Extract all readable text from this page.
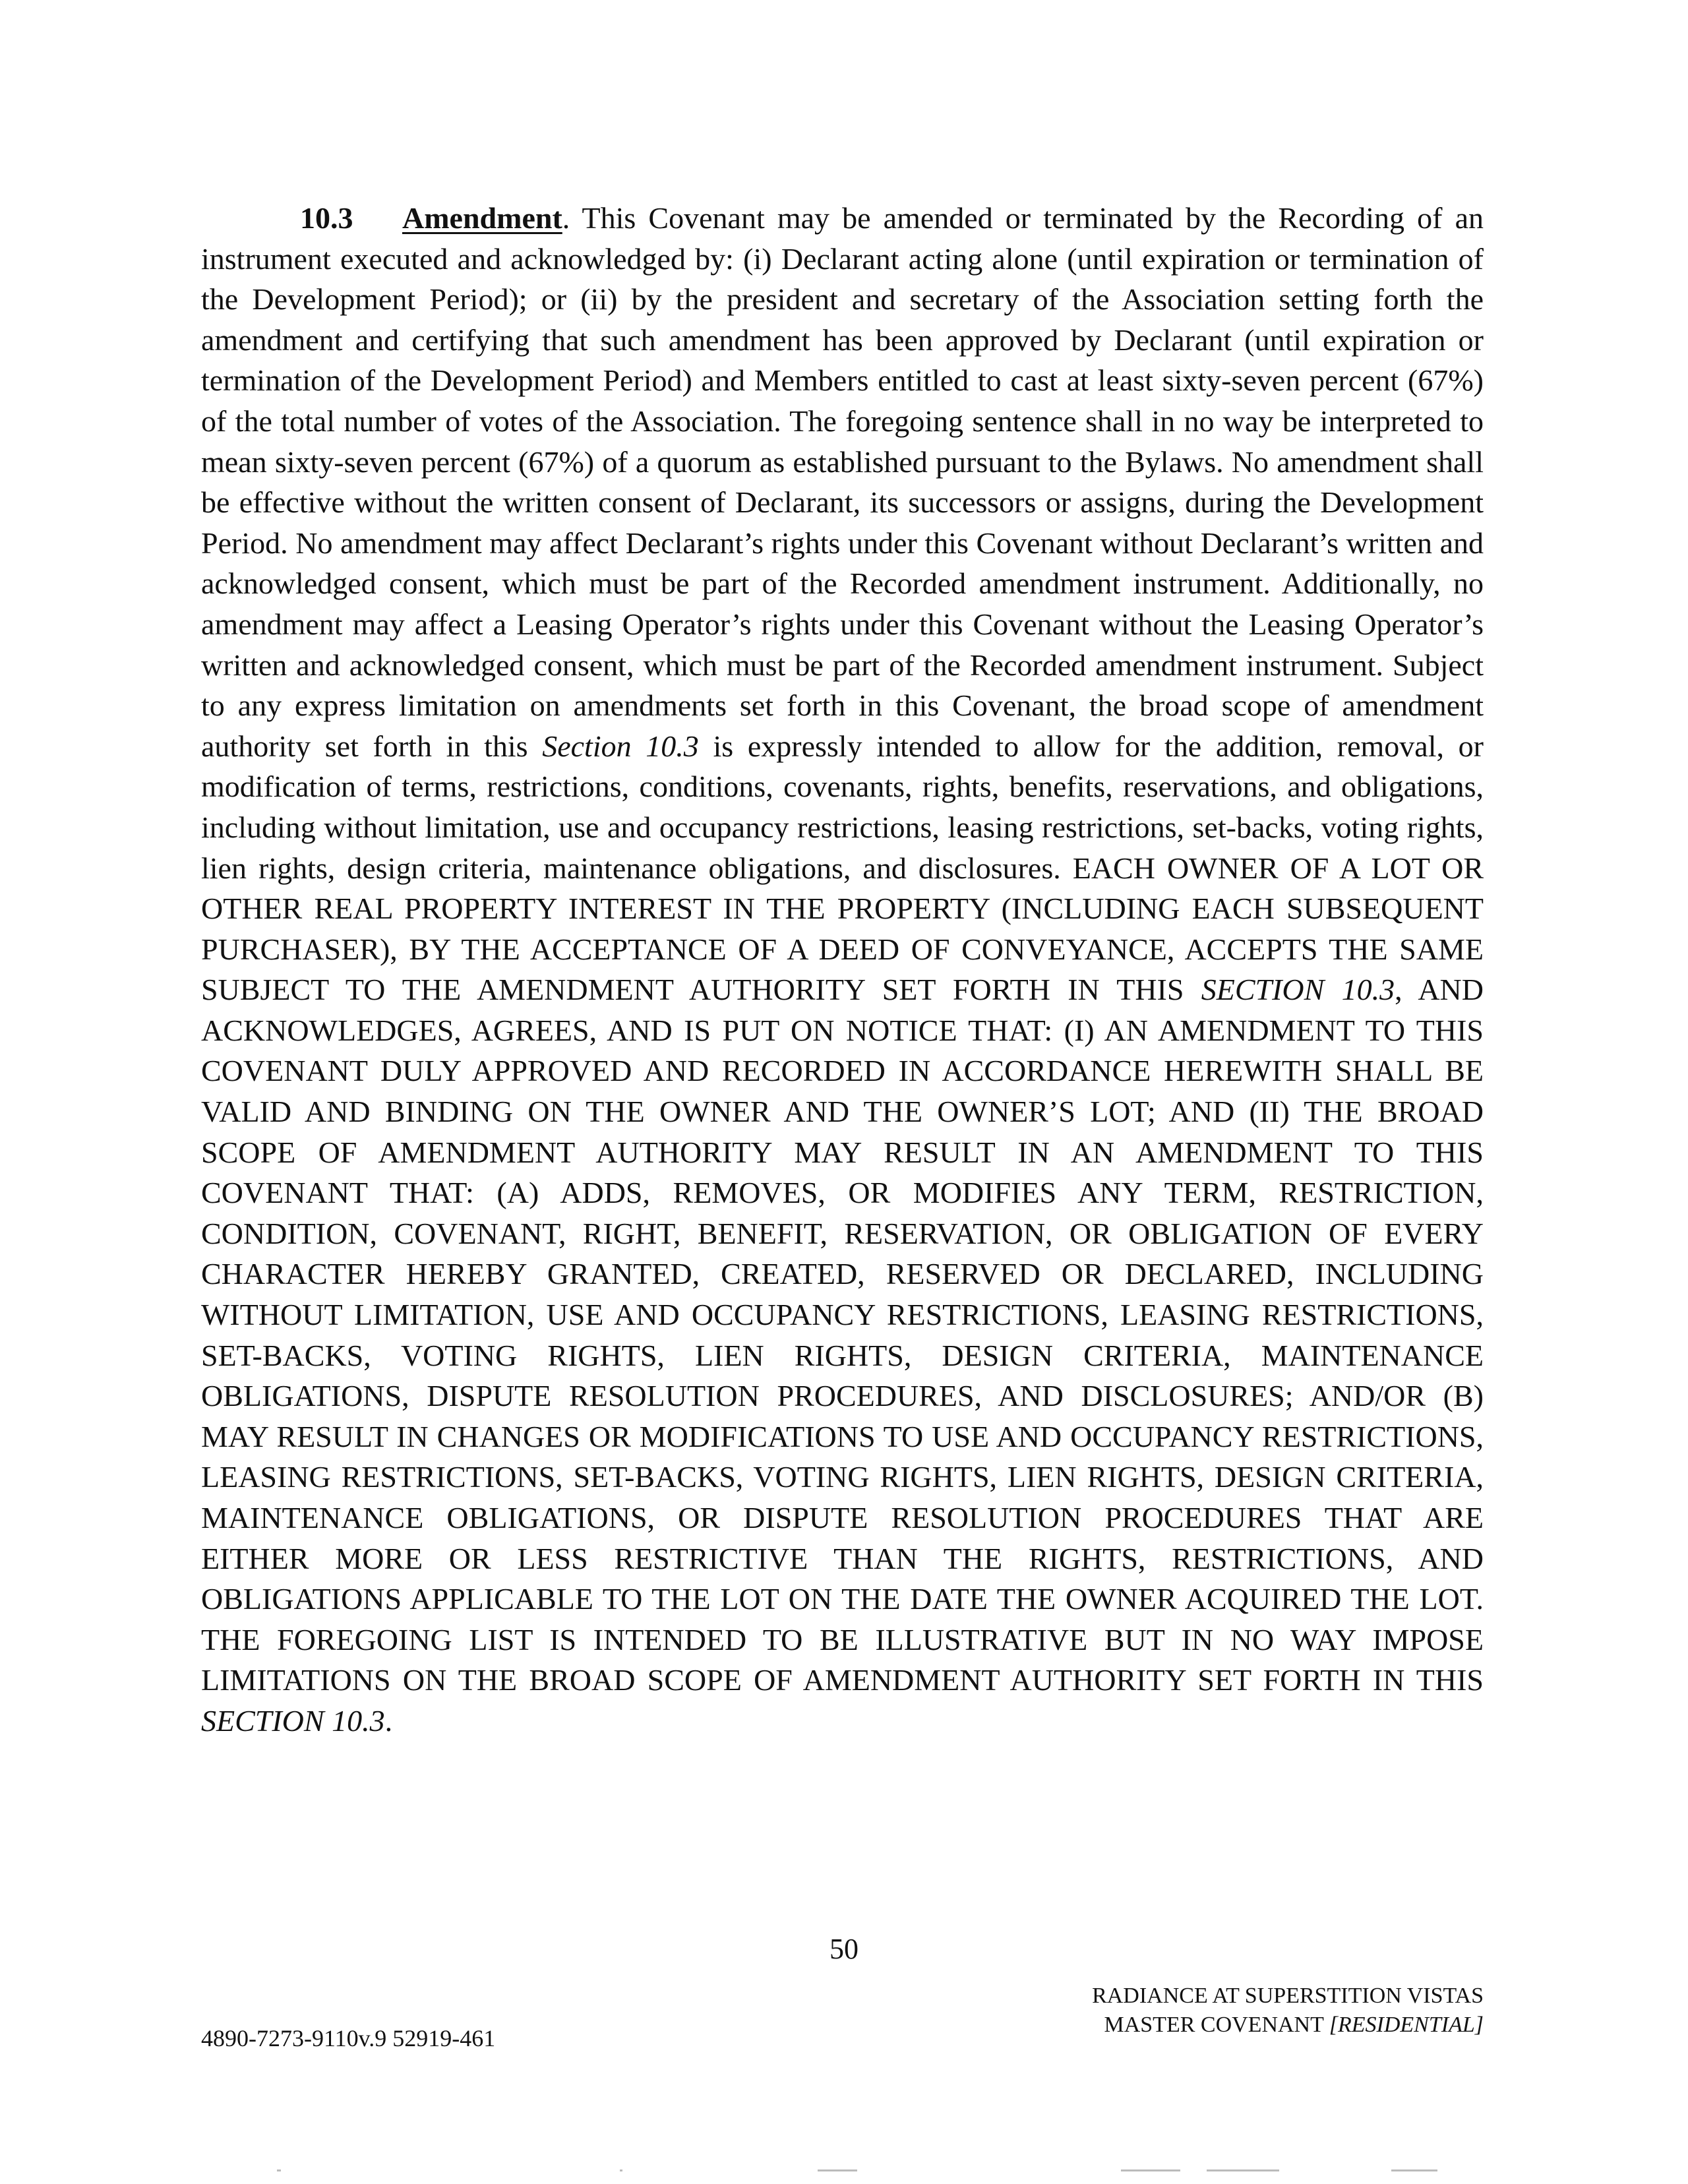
10.3 Amendment. This Covenant may be amended or terminated by the Recording of an instrument executed and acknowledged by: (i) Declarant acting alone (until expiration or termination of the Development Period); or (ii) by the president and secretary of the Association setting forth the amendment and certifying that such amendment has been approved by Declarant (until expiration or termination of the Development Period) and Members entitled to cast at least sixty-seven percent (67%) of the total number of votes of the Association. The foregoing sentence shall in no way be interpreted to mean sixty-seven percent (67%) of a quorum as established pursuant to the Bylaws. No amendment shall be effective without the written consent of Declarant, its successors or assigns, during the Development Period. No amendment may affect Declarant’s rights under this Covenant without Declarant’s written and acknowledged consent, which must be part of the Recorded amendment instrument. Additionally, no amendment may affect a Leasing Operator’s rights under this Covenant without the Leasing Operator’s written and acknowledged consent, which must be part of the Recorded amendment instrument. Subject to any express limitation on amendments set forth in this Covenant, the broad scope of amendment authority set forth in this Section 10.3 is expressly intended to allow for the addition, removal, or modification of terms, restrictions, conditions, covenants, rights, benefits, reservations, and obligations, including without limitation, use and occupancy restrictions, leasing restrictions, set-backs, voting rights, lien rights, design criteria, maintenance obligations, and disclosures. EACH OWNER OF A LOT OR OTHER REAL PROPERTY INTEREST IN THE PROPERTY (INCLUDING EACH SUBSEQUENT PURCHASER), BY THE ACCEPTANCE OF A DEED OF CONVEYANCE, ACCEPTS THE SAME SUBJECT TO THE AMENDMENT AUTHORITY SET FORTH IN THIS SECTION 10.3, AND ACKNOWLEDGES, AGREES, AND IS PUT ON NOTICE THAT: (I) AN AMENDMENT TO THIS COVENANT DULY APPROVED AND RECORDED IN ACCORDANCE HEREWITH SHALL BE VALID AND BINDING ON THE OWNER AND THE OWNER’S LOT; AND (II) THE BROAD SCOPE OF AMENDMENT AUTHORITY MAY RESULT IN AN AMENDMENT TO THIS COVENANT THAT: (A) ADDS, REMOVES, OR MODIFIES ANY TERM, RESTRICTION, CONDITION, COVENANT, RIGHT, BENEFIT, RESERVATION, OR OBLIGATION OF EVERY CHARACTER HEREBY GRANTED, CREATED, RESERVED OR DECLARED, INCLUDING WITHOUT LIMITATION, USE AND OCCUPANCY RESTRICTIONS, LEASING RESTRICTIONS, SET-BACKS, VOTING RIGHTS, LIEN RIGHTS, DESIGN CRITERIA, MAINTENANCE OBLIGATIONS, DISPUTE RESOLUTION PROCEDURES, AND DISCLOSURES; AND/OR (B) MAY RESULT IN CHANGES OR MODIFICATIONS TO USE AND OCCUPANCY RESTRICTIONS, LEASING RESTRICTIONS, SET-BACKS, VOTING RIGHTS, LIEN RIGHTS, DESIGN CRITERIA, MAINTENANCE OBLIGATIONS, OR DISPUTE RESOLUTION PROCEDURES THAT ARE EITHER MORE OR LESS RESTRICTIVE THAN THE RIGHTS, RESTRICTIONS, AND OBLIGATIONS APPLICABLE TO THE LOT ON THE DATE THE OWNER ACQUIRED THE LOT. THE FOREGOING LIST IS INTENDED TO BE ILLUSTRATIVE BUT IN NO WAY IMPOSE LIMITATIONS ON THE BROAD SCOPE OF AMENDMENT AUTHORITY SET FORTH IN THIS SECTION 10.3.

50
RADIANCE AT SUPERSTITION VISTAS
MASTER COVENANT [RESIDENTIAL]
4890-7273-9110v.9 52919-461
